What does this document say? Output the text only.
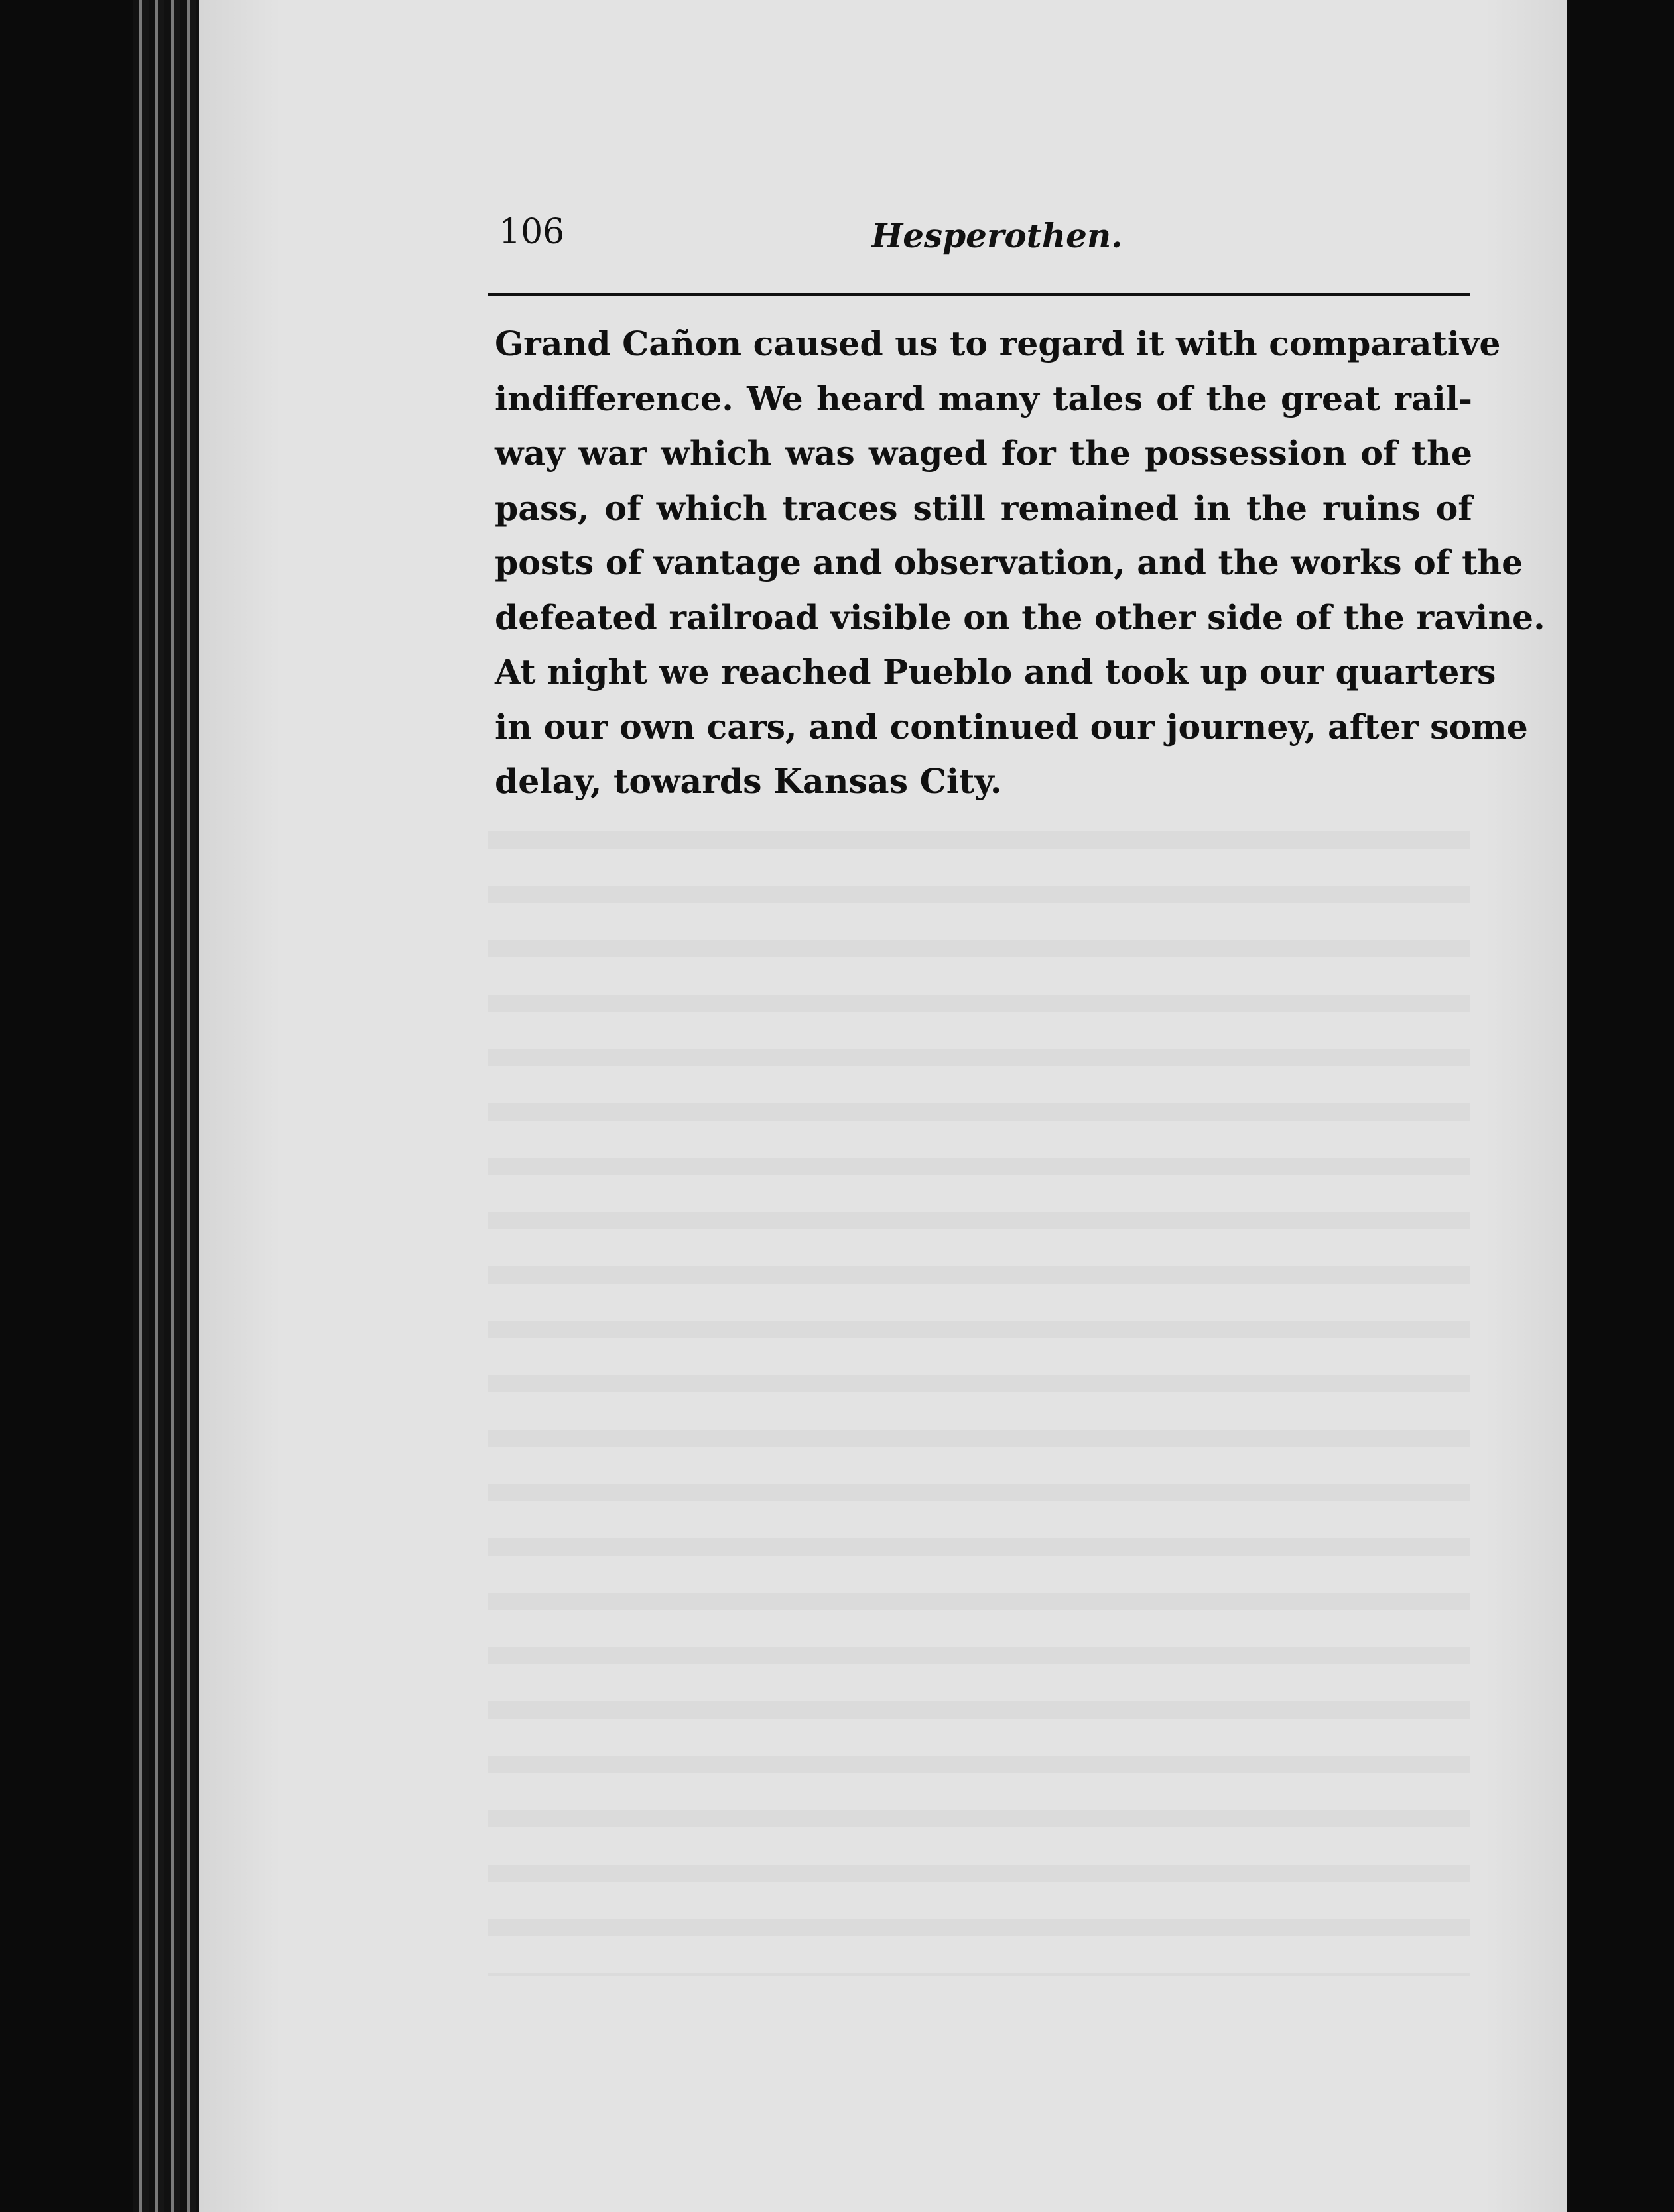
106	Hesperothen.
Grand Cañon caused us to regard it with comparative
indifference. We heard many tales of the great rail-
way war which was waged for the possession of the
pass, of which traces still remained in the ruins of
posts of vantage and observation, and the works of the
defeated railroad visible on the other side of the ravine.
At night we reached Pueblo and took up our quarters
in our own cars, and continued our journey, after some
delay, towards Kansas City.
